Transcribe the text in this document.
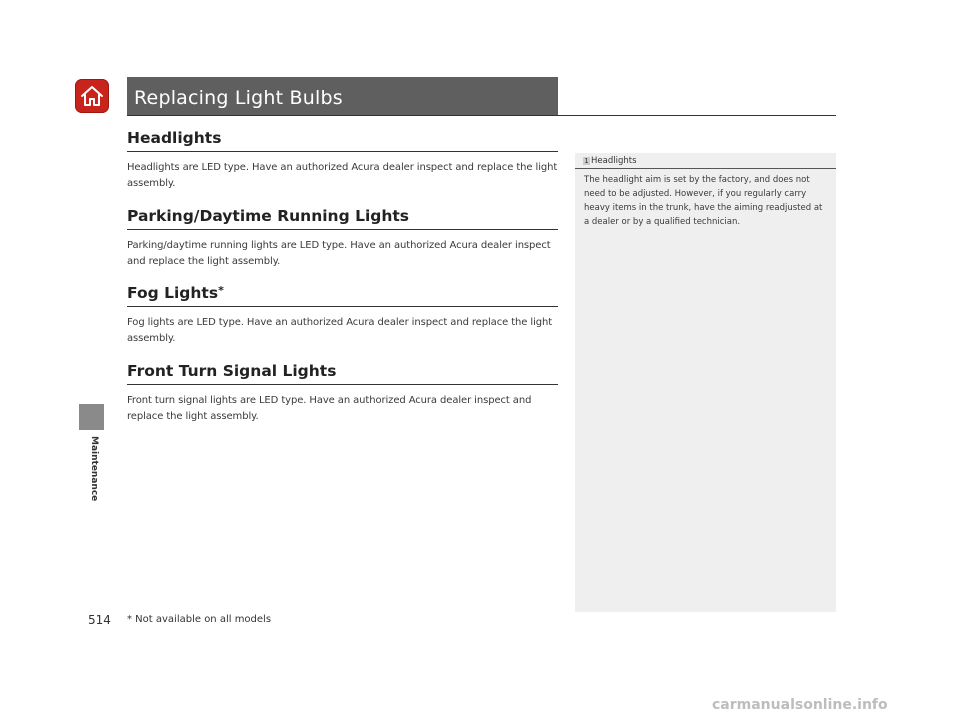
Replacing Light Bulbs
Maintenance
Headlights

Headlights are LED type. Have an authorized Acura dealer inspect and replace the light assembly.

Parking/Daytime Running Lights

Parking/daytime running lights are LED type. Have an authorized Acura dealer inspect and replace the light assembly.

Fog Lights*

Fog lights are LED type. Have an authorized Acura dealer inspect and replace the light assembly.

Front Turn Signal Lights

Front turn signal lights are LED type. Have an authorized Acura dealer inspect and replace the light assembly.

1 Headlights
The headlight aim is set by the factory, and does not need to be adjusted. However, if you regularly carry heavy items in the trunk, have the aiming readjusted at a dealer or by a qualified technician.
514 * Not available on all models
carmanualsonline.info
